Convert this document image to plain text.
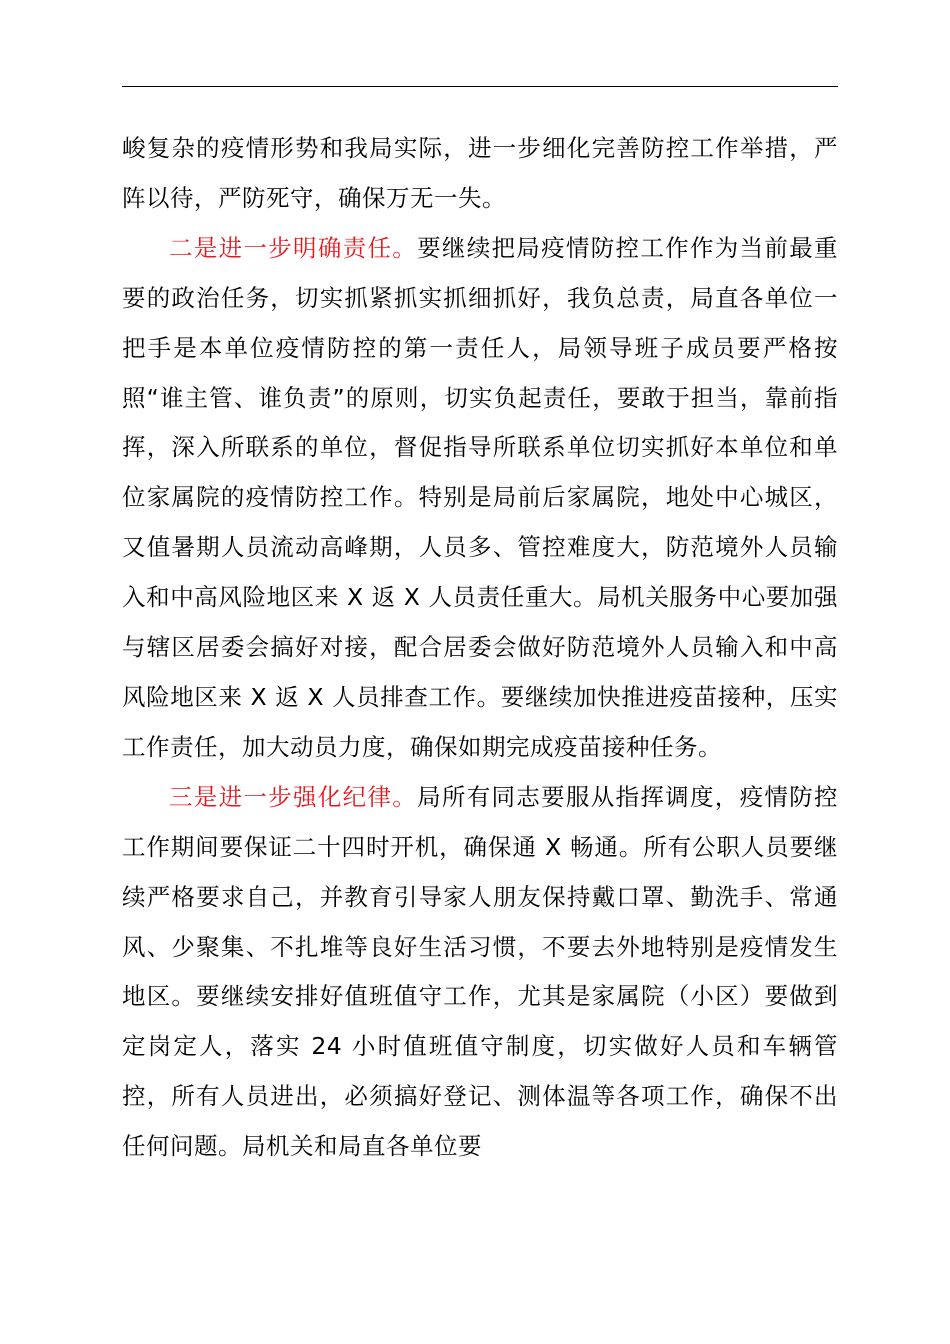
峻复杂的疫情形势和我局实际，进一步细化完善防控工作举措，严阵以待，严防死守，确保万无一失。

二是进一步明确责任。要继续把局疫情防控工作作为当前最重要的政治任务，切实抓紧抓实抓细抓好，我负总责，局直各单位一把手是本单位疫情防控的第一责任人，局领导班子成员要严格按照“谁主管、谁负责”的原则，切实负起责任，要敢于担当，靠前指挥，深入所联系的单位，督促指导所联系单位切实抓好本单位和单位家属院的疫情防控工作。特别是局前后家属院，地处中心城区，又值暑期人员流动高峰期，人员多、管控难度大，防范境外人员输入和中高风险地区来 X 返 X 人员责任重大。局机关服务中心要加强与辖区居委会搞好对接，配合居委会做好防范境外人员输入和中高风险地区来 X 返 X 人员排查工作。要继续加快推进疫苗接种，压实工作责任，加大动员力度，确保如期完成疫苗接种任务。

三是进一步强化纪律。局所有同志要服从指挥调度，疫情防控工作期间要保证二十四时开机，确保通 X 畅通。所有公职人员要继续严格要求自己，并教育引导家人朋友保持戴口罩、勤洗手、常通风、少聚集、不扎堆等良好生活习惯，不要去外地特别是疫情发生地区。要继续安排好值班值守工作，尤其是家属院（小区）要做到定岗定人，落实 24 小时值班值守制度，切实做好人员和车辆管控，所有人员进出，必须搞好登记、测体温等各项工作，确保不出任何问题。局机关和局直各单位要
